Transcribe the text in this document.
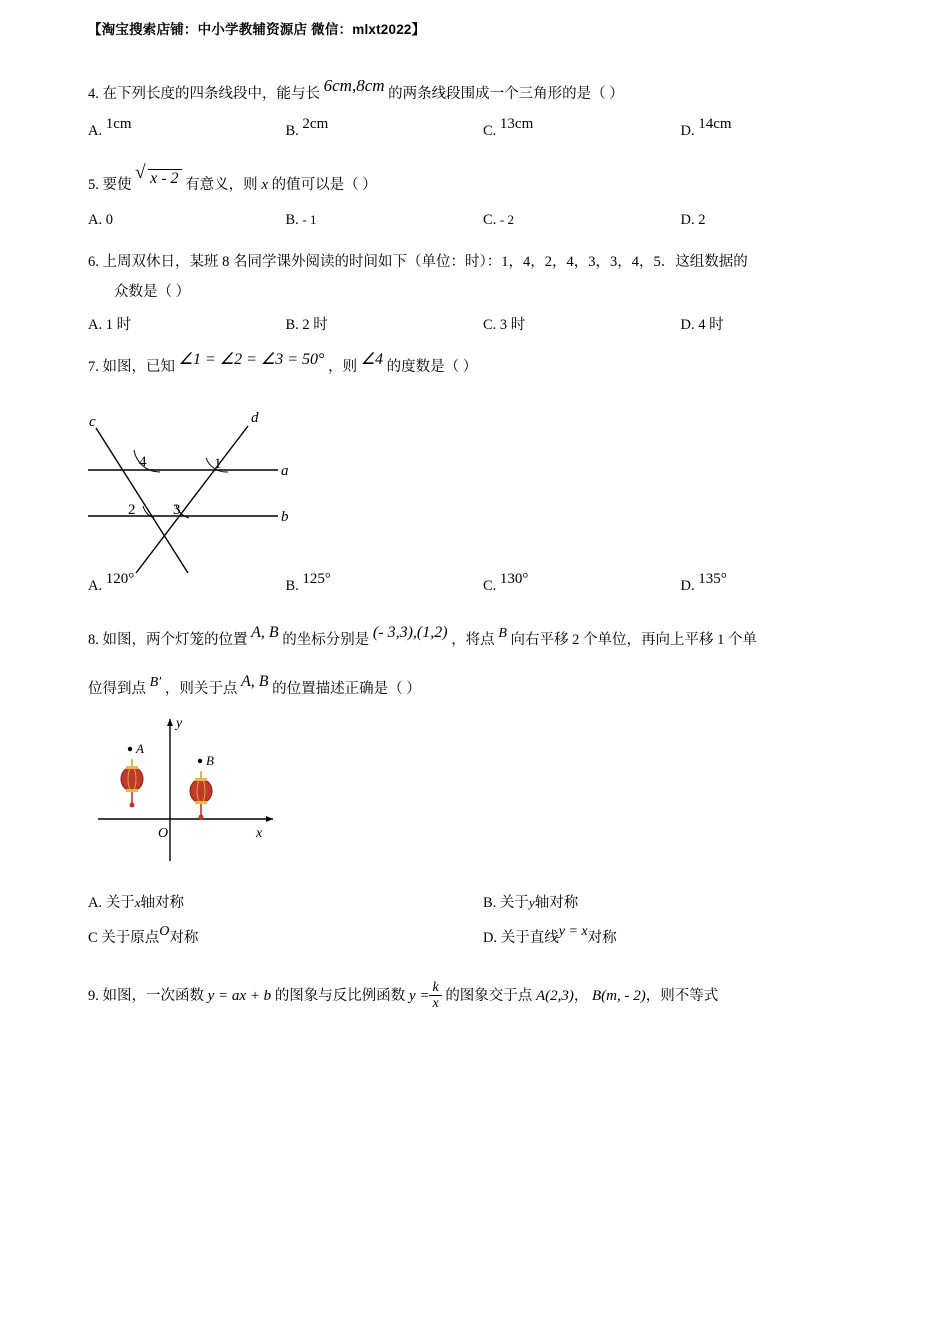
【淘宝搜索店铺：中小学教辅资源店 微信：mlxt2022】
4. 在下列长度的四条线段中，能与长 6cm,8cm 的两条线段围成一个三角形的是（ ）
A. 1cm	B. 2cm	C. 13cm	D. 14cm
5. 要使
√ x - 2 有意义，则 x 的值可以是（ ）
A. 0	B. - 1	C. - 2	D. 2
6. 上周双休日，某班 8 名同学课外阅读的时间如下（单位：时）：1，4，2，4，3，3，4，5．这组数据的
众数是（ ）
A. 1 时	B. 2 时	C. 3 时	D. 4 时
7. 如图，已知 ∠1 = ∠2 = ∠3 = 50° ，则 ∠4 的度数是（ ）
c	d
4	1	a
2	3	b
A. 120°	B. 125°	C. 130°	D. 135°
8. 如图，两个灯笼的位置 A, B 的坐标分别是 (- 3,3),(1,2) ，将点 B 向右平移 2 个单位，再向上平移 1 个单
位得到点 B′ ，则关于点 A, B 的位置描述正确是（ ）
y
x
O
A
B
A. 关于x轴对称	B. 关于y轴对称
C 关于原点O对称	D. 关于直线y = x对称
9. 如图，一次函数 y = ax + b 的图象与反比例函数 $y = \frac{k}{x}$ 的图象交于点 A(2,3)， B(m, - 2)，则不等式
